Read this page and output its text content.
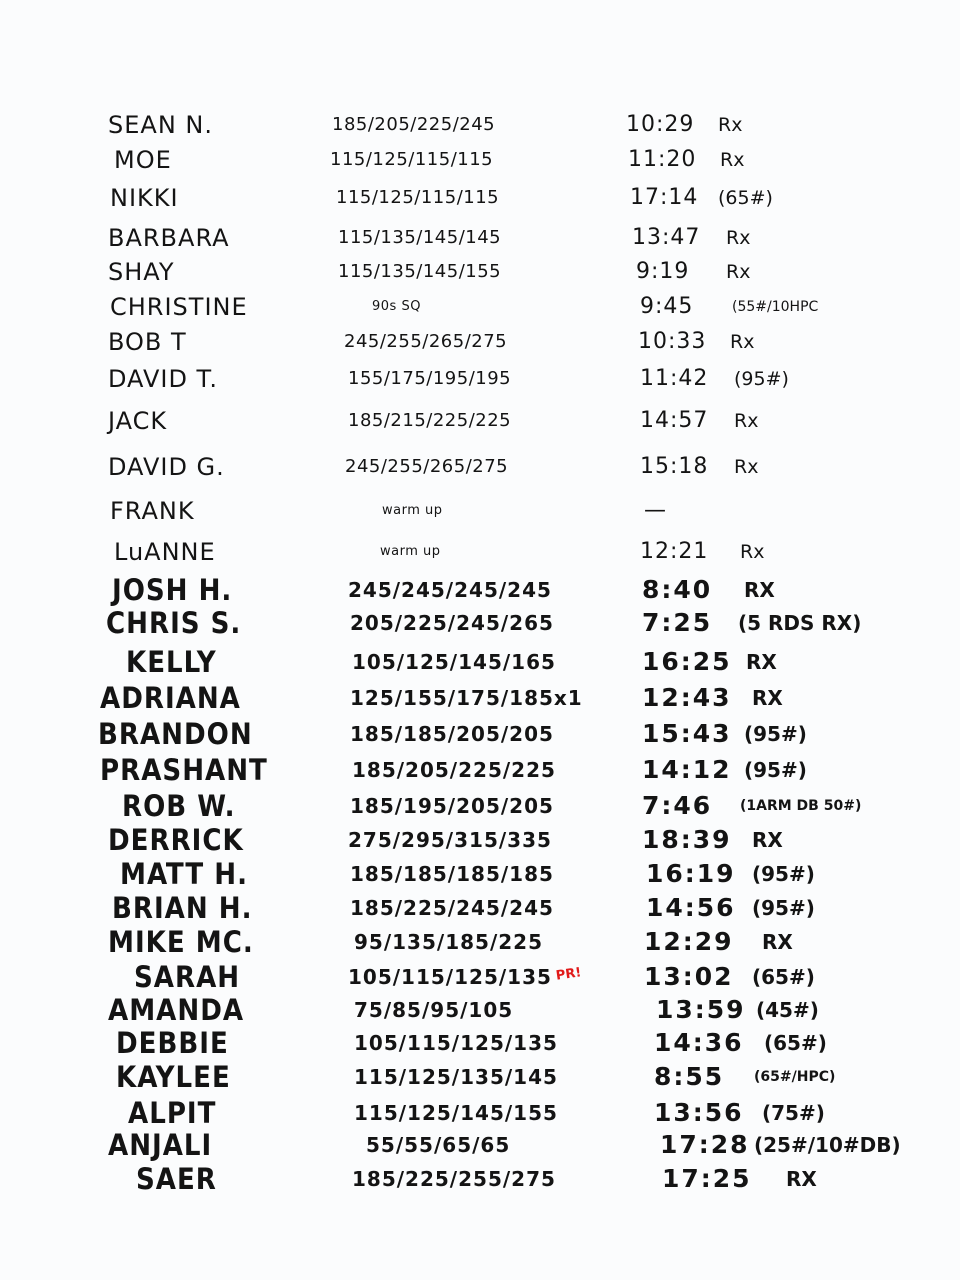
SEAN N.	185/205/225/245	10:29 Rx
MOE	115/125/115/115	11:20 Rx
NIKKI	115/125/115/115	17:14 (65#)
BARBARA	115/135/145/145	13:47 Rx
SHAY	115/135/145/155	9:19 Rx
CHRISTINE	90s SQ	9:45	(55#/10HPC
BOB T	245/255/265/275	10:33 Rx
DAVID T.	155/175/195/195	11:42 (95#)
JACK	185/215/225/225	14:57 Rx
DAVID G.	245/255/265/275	15:18 Rx
FRANK	warm up	—
LuANNE	warm up	12:21 Rx
JOSH H.	245/245/245/245	8:40 RX
CHRIS S.	205/225/245/265	7:25 (5 RDS RX)
KELLY	105/125/145/165	16:25 RX
ADRIANA	125/155/175/185x1 12:43 RX
BRANDON	185/185/205/205	15:43 (95#)
PRASHANT	185/205/225/225	14:12 (95#)
ROB W.	185/195/205/205	7:46 (1ARM DB 50#)
DERRICK	275/295/315/335	18:39 RX
MATT H.	185/185/185/185	16:19 (95#)
BRIAN H.	185/225/245/245	14:56 (95#)
MIKE MC.	95/135/185/225	12:29 RX
SARAH	105/115/125/135 PR! 13:02 (65#)
AMANDA	75/85/95/105	13:59 (45#)
DEBBIE	105/115/125/135	14:36 (65#)
KAYLEE	115/125/135/145	8:55 (65#/HPC)
ALPIT	115/125/145/155	13:56 (75#)
ANJALI	55/55/65/65	17:28 (25#/10#DB)
SAER	185/225/255/275	17:25 RX
